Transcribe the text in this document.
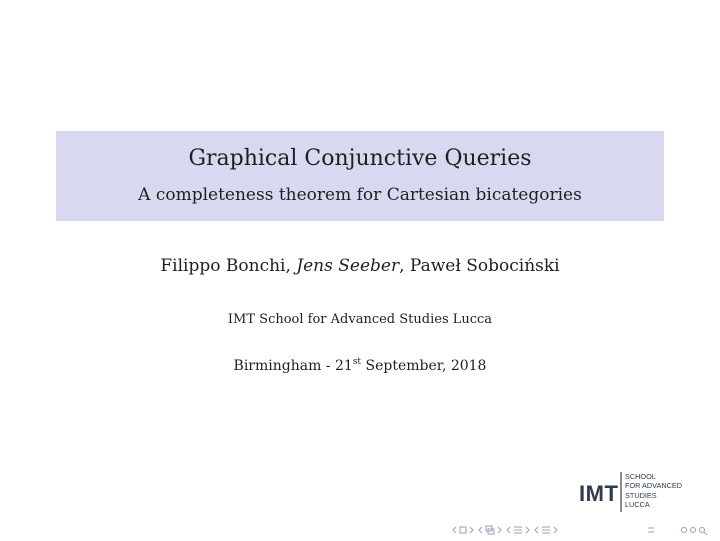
Graphical Conjunctive Queries
A completeness theorem for Cartesian bicategories
Filippo Bonchi, Jens Seeber, Paweł Sobociński
IMT School for Advanced Studies Lucca
Birmingham - 21st September, 2018
IMT
SCHOOL
FOR ADVANCED
STUDIES
LUCCA
